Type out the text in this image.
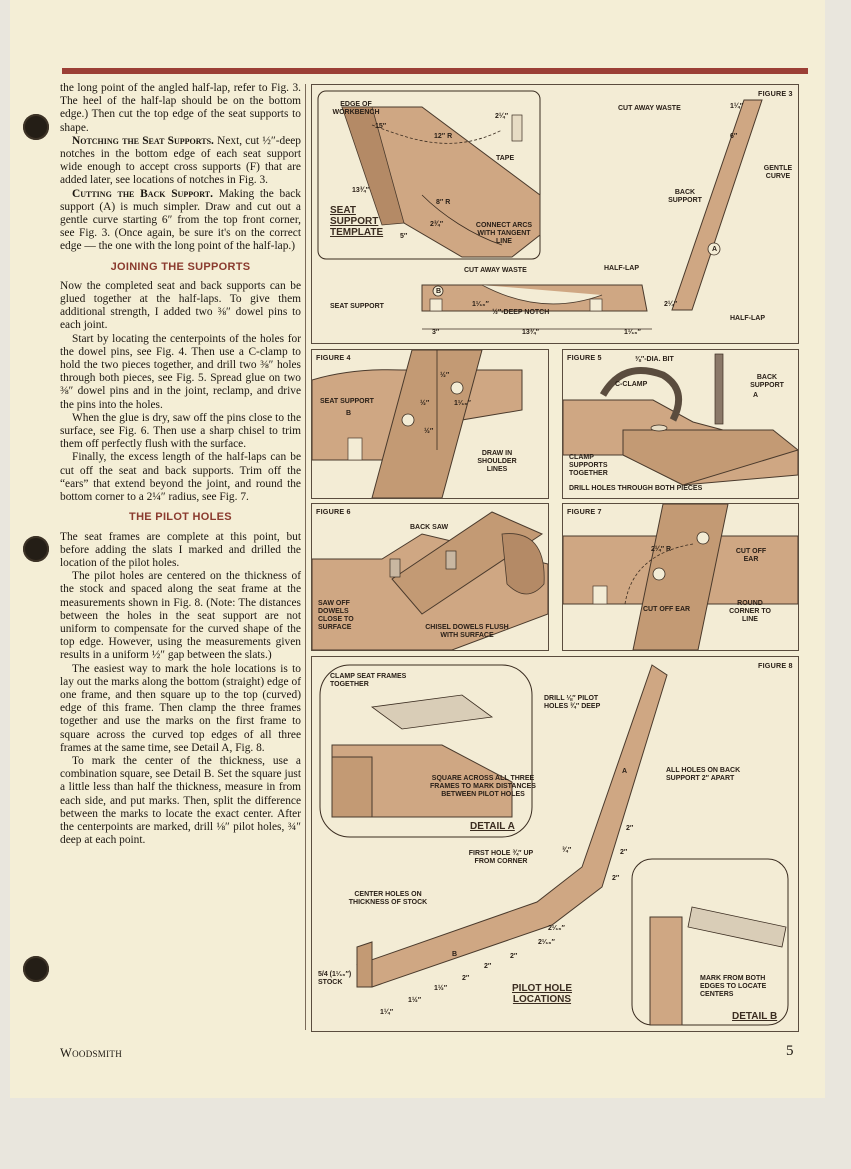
the long point of the angled half-lap, refer to Fig. 3. The heel of the half-lap should be on the bottom edge.) Then cut the top edge of the seat supports to shape.

Notching the Seat Supports. Next, cut ½″-deep notches in the bottom edge of each seat support wide enough to accept cross supports (F) that are added later, see locations of notches in Fig. 3.

Cutting the Back Support. Making the back support (A) is much simpler. Draw and cut out a gentle curve starting 6″ from the top front corner, see Fig. 3. (Once again, be sure it's on the correct edge — the one with the long point of the half-lap.)

JOINING THE SUPPORTS

Now the completed seat and back supports can be glued together at the half-laps. To give them additional strength, I added two ⅜″ dowel pins to each joint.

Start by locating the centerpoints of the holes for the dowel pins, see Fig. 4. Then use a C-clamp to hold the two pieces together, and drill two ⅜″ holes through both pieces, see Fig. 5. Spread glue on two ⅜″ dowel pins and in the joint, reclamp, and drive the pins into the holes.

When the glue is dry, saw off the pins close to the surface, see Fig. 6. Then use a sharp chisel to trim them off perfectly flush with the surface.

Finally, the excess length of the half-laps can be cut off the seat and back supports. Trim off the “ears” that extend beyond the joint, and round the bottom corner to a 2¼″ radius, see Fig. 7.

THE PILOT HOLES

The seat frames are complete at this point, but before adding the slats I marked and drilled the location of the pilot holes.

The pilot holes are centered on the thickness of the stock and spaced along the seat frame at the measurements shown in Fig. 8. (Note: The distances between the holes in the seat support are not uniform to compensate for the curved shape of the top edge. However, using the measurements given results in a uniform ½″ gap between the slats.)

The easiest way to mark the hole locations is to lay out the marks along the bottom (straight) edge of one frame, and then square up to the top (curved) edge of this frame. Then clamp the three frames together and use the marks on the first frame to square across the curved top edges of all three frames at the same time, see Detail A, Fig. 8.

To mark the center of the thickness, use a combination square, see Detail B. Set the square just a little less than half the thickness, measure in from each side, and put marks. Then, split the difference between the marks to locate the exact center. After the centerpoints are marked, drill ⅛″ pilot holes, ¾″ deep at each point.

FIGURE 3
EDGE OF WORKBENCH
15″
2¼″
12″ R
TAPE
13¾″
8″ R
SEAT SUPPORT TEMPLATE
2¾″
5″
CONNECT ARCS WITH TANGENT LINE
CUT AWAY WASTE	1¼″
6″
GENTLE CURVE
BACK SUPPORT
A
CUT AWAY WASTE	HALF-LAP
SEAT SUPPORT
B
1¹⁄₁₆″
½″-DEEP NOTCH
2¼″
HALF-LAP
3″	13¾″	1¹⁄₁₆″
FIGURE 4
SEAT SUPPORT
B
½″
½″	1¹⁄₁₆″
½″
DRAW IN SHOULDER LINES
FIGURE 5	⅜″-DIA. BIT
C-CLAMP
BACK SUPPORT
A
CLAMP SUPPORTS TOGETHER
DRILL HOLES THROUGH BOTH PIECES
FIGURE 6
BACK SAW
SAW OFF DOWELS CLOSE TO SURFACE	CHISEL DOWELS FLUSH WITH SURFACE
FIGURE 7
2¼″ R	CUT OFF EAR
CUT OFF EAR
ROUND CORNER TO LINE
FIGURE 8
CLAMP SEAT FRAMES TOGETHER
SQUARE ACROSS ALL THREE FRAMES TO MARK DISTANCES BETWEEN PILOT HOLES
DETAIL A
DRILL ⅛″ PILOT HOLES ¾″ DEEP
ALL HOLES ON BACK SUPPORT 2″ APART
A
FIRST HOLE ¾″ UP FROM CORNER
¾″
2″
2″
2″
CENTER HOLES ON THICKNESS OF STOCK
5/4 (1¹⁄₁₆″) STOCK
B
2¹⁄₁₆″
2¹⁄₁₆″
2″
2″
2″
1½″
1½″
1¼″
PILOT HOLE LOCATIONS
MARK FROM BOTH EDGES TO LOCATE CENTERS
DETAIL B
Woodsmith	5
